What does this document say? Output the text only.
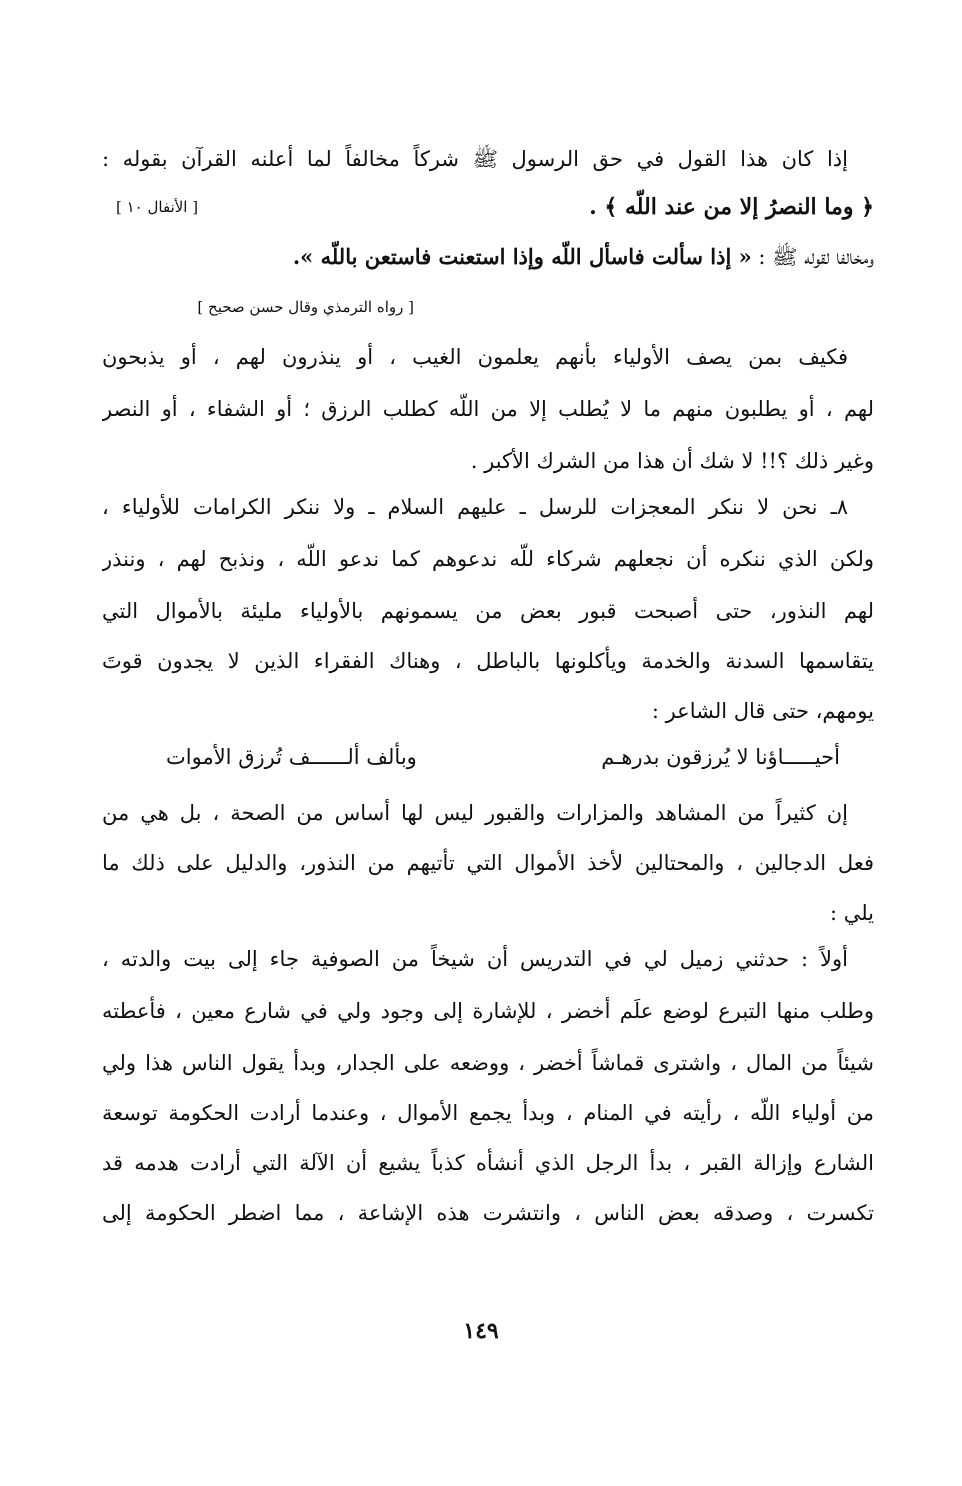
إذا كان هذا القول في حق الرسول ﷺ شركاً مخالفاً لما أعلنه القرآن بقوله :
﴿ وما النصرُ إلا من عند اللّه ﴾ .
[ الأنفال ١٠ ]
ومخالفا لقوله ﷺ : « إذا سألت فاسأل اللّه وإذا استعنت فاستعن باللّه ».
[ رواه الترمذي وقال حسن صحيح ]
فكيف بمن يصف الأولياء بأنهم يعلمون الغيب ، أو ينذرون لهم ، أو يذبحون
لهم ، أو يطلبون منهم ما لا يُطلب إلا من اللّه كطلب الرزق ؛ أو الشفاء ، أو النصر
وغير ذلك ؟!! لا شك أن هذا من الشرك الأكبر .
٨ـ نحن لا ننكر المعجزات للرسل ـ عليهم السلام ـ ولا ننكر الكرامات للأولياء ،
ولكن الذي ننكره أن نجعلهم شركاء للّه ندعوهم كما ندعو اللّه ، ونذبح لهم ، وننذر
لهم النذور، حتى أصبحت قبور بعض من يسمونهم بالأولياء مليئة بالأموال التي
يتقاسمها السدنة والخدمة ويأكلونها بالباطل ، وهناك الفقراء الذين لا يجدون قوتَ
يومهم، حتى قال الشاعر :
أحيـــــاؤنا لا يُرزقون بدرهـم
وبألف ألــــــف تُرزق الأموات
إن كثيراً من المشاهد والمزارات والقبور ليس لها أساس من الصحة ، بل هي من
فعل الدجالين ، والمحتالين لأخذ الأموال التي تأتيهم من النذور، والدليل على ذلك ما
يلي :
أولاً : حدثني زميل لي في التدريس أن شيخاً من الصوفية جاء إلى بيت والدته ،
وطلب منها التبرع لوضع علَم أخضر ، للإشارة إلى وجود ولي في شارع معين ، فأعطته
شيئاً من المال ، واشترى قماشاً أخضر ، ووضعه على الجدار، وبدأ يقول الناس هذا ولي
من أولياء اللّه ، رأيته في المنام ، وبدأ يجمع الأموال ، وعندما أرادت الحكومة توسعة
الشارع وإزالة القبر ، بدأ الرجل الذي أنشأه كذباً يشيع أن الآلة التي أرادت هدمه قد
تكسرت ، وصدقه بعض الناس ، وانتشرت هذه الإشاعة ، مما اضطر الحكومة إلى
١٤٩
